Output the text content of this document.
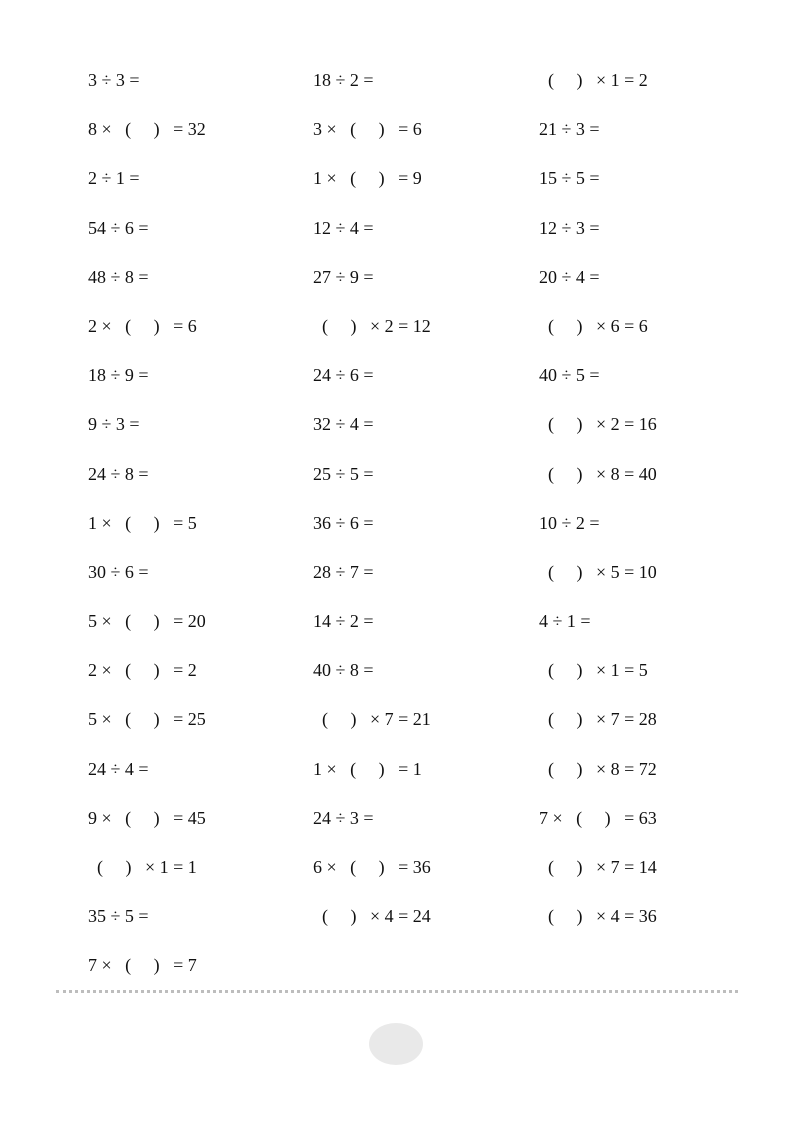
3 ÷ 3 =
8 ×   (     )   = 32
2 ÷ 1 =
54 ÷ 6 =
48 ÷ 8 =
2 ×   (     )   = 6
18 ÷ 9 =
9 ÷ 3 =
24 ÷ 8 =
1 ×   (     )   = 5
30 ÷ 6 =
5 ×   (     )   = 20
2 ×   (     )   = 2
5 ×   (     )   = 25
24 ÷ 4 =
9 ×   (     )   = 45
(     )   × 1 = 1
35 ÷ 5 =
7 ×   (     )   = 7
18 ÷ 2 =
3 ×   (     )   = 6
1 ×   (     )   = 9
12 ÷ 4 =
27 ÷ 9 =
(     )   × 2 = 12
24 ÷ 6 =
32 ÷ 4 =
25 ÷ 5 =
36 ÷ 6 =
28 ÷ 7 =
14 ÷ 2 =
40 ÷ 8 =
(     )   × 7 = 21
1 ×   (     )   = 1
24 ÷ 3 =
6 ×   (     )   = 36
(     )   × 4 = 24
(     )   × 1 = 2
21 ÷ 3 =
15 ÷ 5 =
12 ÷ 3 =
20 ÷ 4 =
(     )   × 6 = 6
40 ÷ 5 =
(     )   × 2 = 16
(     )   × 8 = 40
10 ÷ 2 =
(     )   × 5 = 10
4 ÷ 1 =
(     )   × 1 = 5
(     )   × 7 = 28
(     )   × 8 = 72
7 ×   (     )   = 63
(     )   × 7 = 14
(     )   × 4 = 36
